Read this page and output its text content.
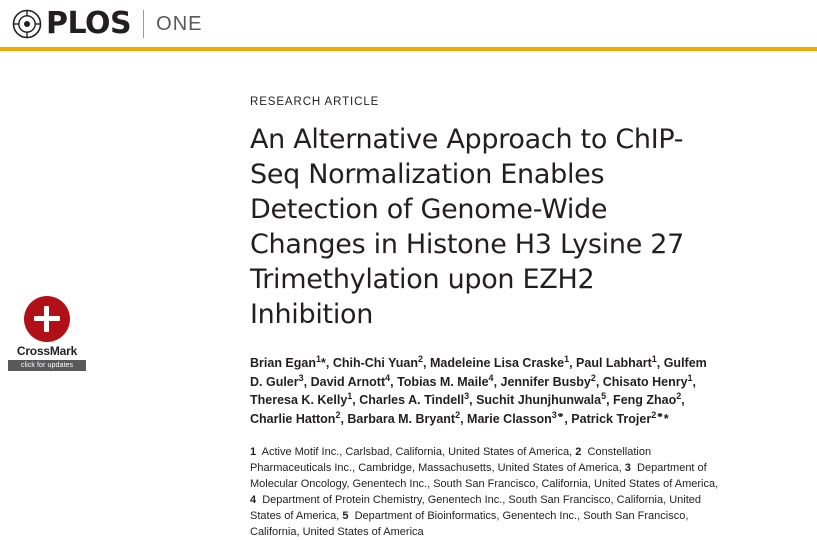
PLOS ONE
CrossMark
click for updates
RESEARCH ARTICLE
An Alternative Approach to ChIP-Seq Normalization Enables Detection of Genome-Wide Changes in Histone H3 Lysine 27 Trimethylation upon EZH2 Inhibition
Brian Egan$^1$*, Chih-Chi Yuan$^2$, Madeleine Lisa Craske$^1$, Paul Labhart$^1$, Gulfem D. Guler$^3$, David Arnott$^4$, Tobias M. Maile$^4$, Jennifer Busby$^2$, Chisato Henry$^1$, Theresa K. Kelly$^1$, Charles A. Tindell$^3$, Suchit Jhunjhunwala$^5$, Feng Zhao$^2$, Charlie Hatton$^2$, Barbara M. Bryant$^2$, Marie Classon$^{3⚭}$, Patrick Trojer$^{2⚭}$*
1  Active Motif Inc., Carlsbad, California, United States of America, 2  Constellation Pharmaceuticals Inc., Cambridge, Massachusetts, United States of America, 3  Department of Molecular Oncology, Genentech Inc., South San Francisco, California, United States of America, 4  Department of Protein Chemistry, Genentech Inc., South San Francisco, California, United States of America, 5  Department of Bioinformatics, Genentech Inc., South San Francisco, California, United States of America
